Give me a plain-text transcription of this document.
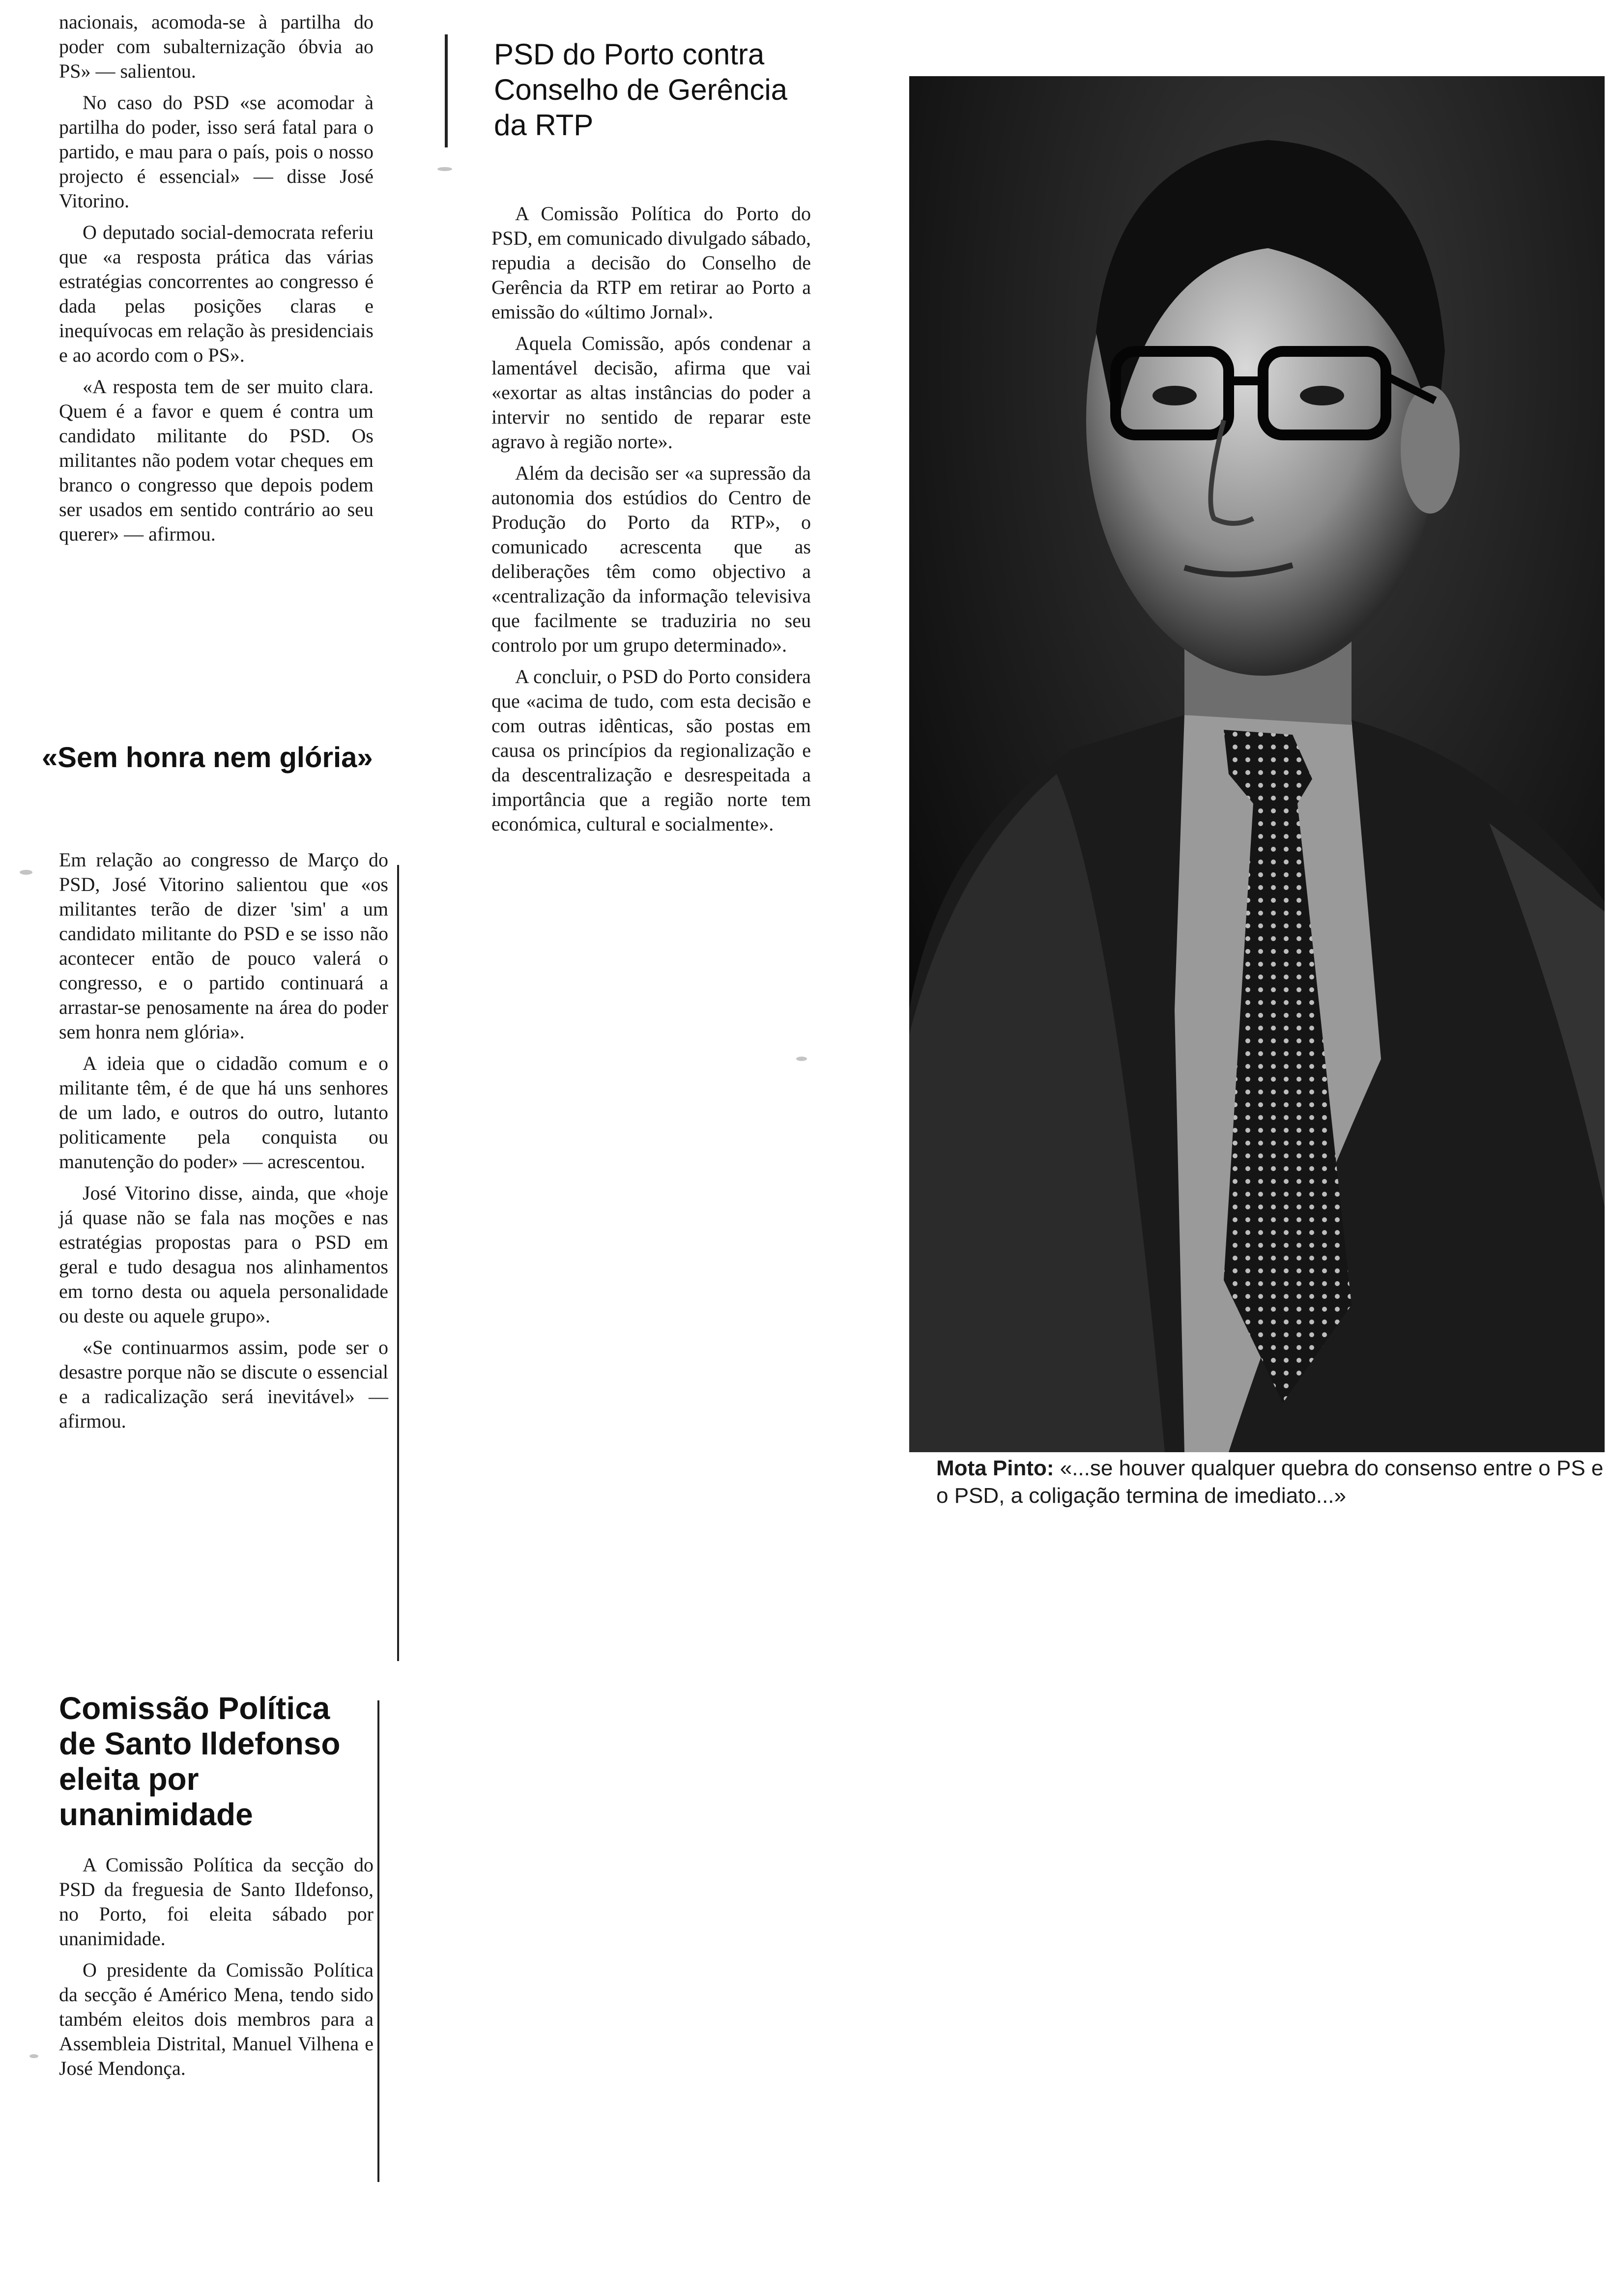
nacionais, acomoda-se à partilha do poder com subalternização óbvia ao PS» — salientou.

No caso do PSD «se acomodar à partilha do poder, isso será fatal para o partido, e mau para o país, pois o nosso projecto é essencial» — disse José Vitorino.

O deputado social-democrata referiu que «a resposta prática das várias estratégias concorrentes ao congresso é dada pelas posições claras e inequívocas em relação às presidenciais e ao acordo com o PS».

«A resposta tem de ser muito clara. Quem é a favor e quem é contra um candidato militante do PSD. Os militantes não podem votar cheques em branco o congresso que depois podem ser usados em sentido contrário ao seu querer» — afirmou.

«Sem honra nem glória»

Em relação ao congresso de Março do PSD, José Vitorino salientou que «os militantes terão de dizer 'sim' a um candidato militante do PSD e se isso não acontecer então de pouco valerá o congresso, e o partido continuará a arrastar-se penosamente na área do poder sem honra nem glória».

A ideia que o cidadão comum e o militante têm, é de que há uns senhores de um lado, e outros do outro, lutanto politicamente pela conquista ou manutenção do poder» — acrescentou.

José Vitorino disse, ainda, que «hoje já quase não se fala nas moções e nas estratégias propostas para o PSD em geral e tudo desagua nos alinhamentos em torno desta ou aquela personalidade ou deste ou aquele grupo».

«Se continuarmos assim, pode ser o desastre porque não se discute o essencial e a radicalização será inevitável» — afirmou.

Comissão Política de Santo Ildefonso eleita por unanimidade

A Comissão Política da secção do PSD da freguesia de Santo Ildefonso, no Porto, foi eleita sábado por unanimidade.

O presidente da Comissão Política da secção é Américo Mena, tendo sido também eleitos dois membros para a Assembleia Distrital, Manuel Vilhena e José Mendonça.

PSD do Porto contra Conselho de Gerência da RTP

A Comissão Política do Porto do PSD, em comunicado divulgado sábado, repudia a decisão do Conselho de Gerência da RTP em retirar ao Porto a emissão do «último Jornal».

Aquela Comissão, após condenar a lamentável decisão, afirma que vai «exortar as altas instâncias do poder a intervir no sentido de reparar este agravo à região norte».

Além da decisão ser «a supressão da autonomia dos estúdios do Centro de Produção do Porto da RTP», o comunicado acrescenta que as deliberações têm como objectivo a «centralização da informação televisiva que facilmente se traduziria no seu controlo por um grupo determinado».

A concluir, o PSD do Porto considera que «acima de tudo, com esta decisão e com outras idênticas, são postas em causa os princípios da regionalização e da descentralização e desrespeitada a importância que a região norte tem económica, cultural e socialmente».

Mota Pinto: «...se houver qualquer quebra do consenso entre o PS e o PSD, a coligação termina de imediato...»
